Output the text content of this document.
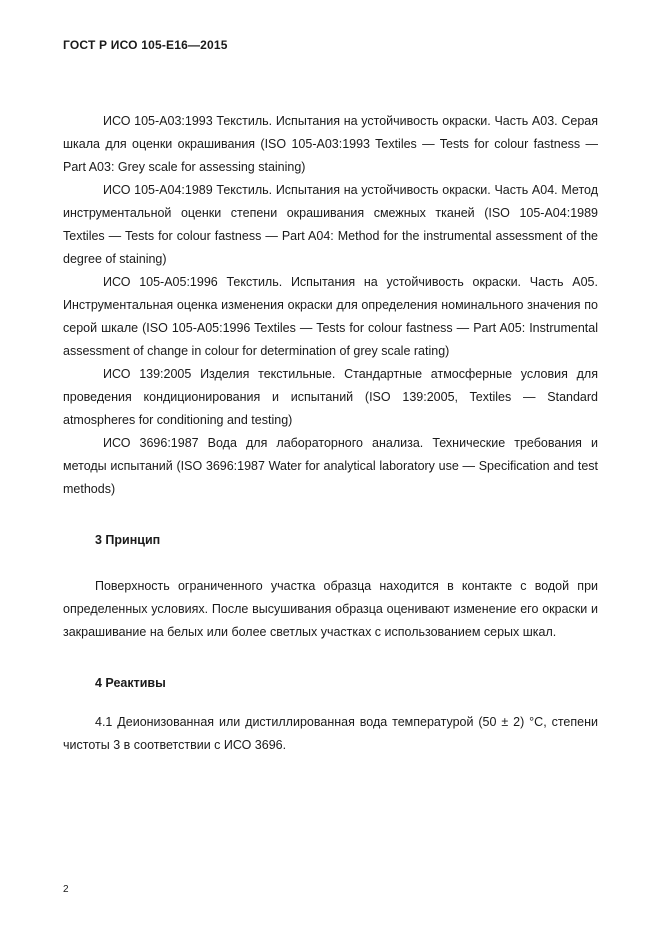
ГОСТ Р ИСО 105-Е16—2015

ИСО 105-А03:1993 Текстиль. Испытания на устойчивость окраски. Часть А03. Серая шкала для оценки окрашивания (ISO 105-A03:1993 Textiles — Tests for colour fastness — Part A03: Grey scale for assessing staining)

ИСО 105-А04:1989 Текстиль. Испытания на устойчивость окраски. Часть А04. Метод инструментальной оценки степени окрашивания смежных тканей (ISO 105-A04:1989 Textiles — Tests for colour fastness — Part A04: Method for the instrumental assessment of the degree of staining)

ИСО 105-А05:1996 Текстиль. Испытания на устойчивость окраски. Часть А05. Инструментальная оценка изменения окраски для определения номинального значения по серой шкале (ISO 105-A05:1996 Textiles — Tests for colour fastness — Part A05: Instrumental assessment of change in colour for determination of grey scale rating)

ИСО 139:2005 Изделия текстильные. Стандартные атмосферные условия для проведения кондиционирования и испытаний (ISO 139:2005, Textiles — Standard atmospheres for conditioning and testing)

ИСО 3696:1987 Вода для лабораторного анализа. Технические требования и методы испытаний (ISO 3696:1987 Water for analytical laboratory use — Specification and test methods)

3 Принцип

Поверхность ограниченного участка образца находится в контакте с водой при определенных условиях. После высушивания образца оценивают изменение его окраски и закрашивание на белых или более светлых участках с использованием серых шкал.

4 Реактивы

4.1 Деионизованная или дистиллированная вода температурой (50 ± 2) °С, степени чистоты 3 в соответствии с ИСО 3696.

2
